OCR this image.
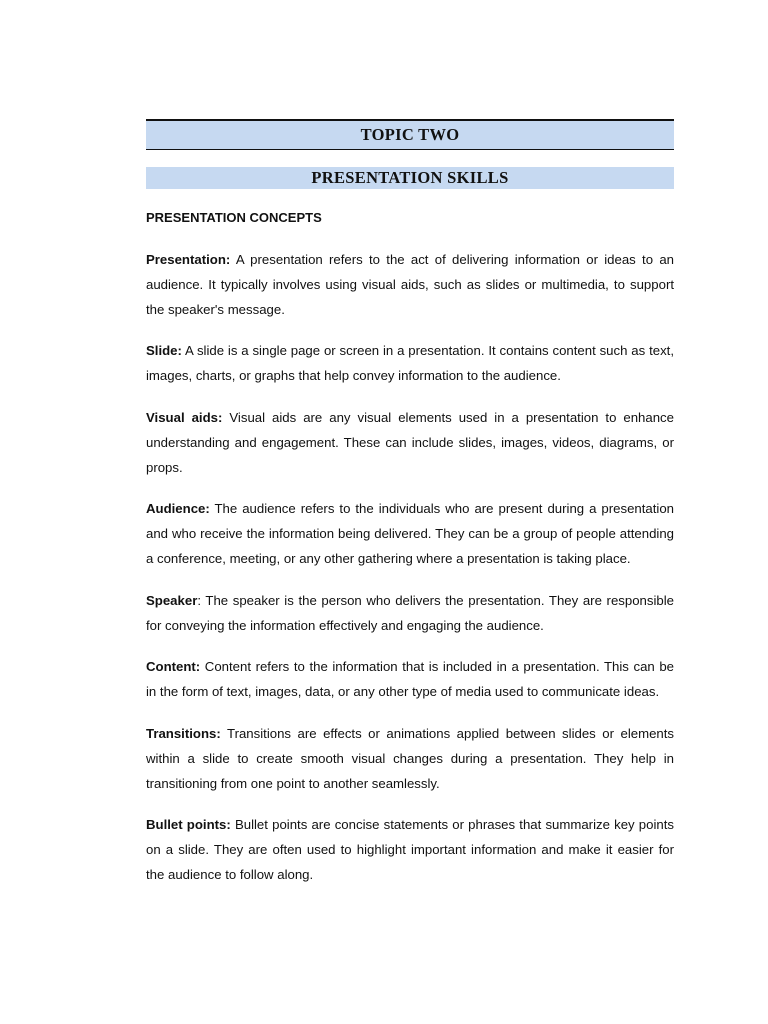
TOPIC TWO
PRESENTATION SKILLS
PRESENTATION CONCEPTS

Presentation: A presentation refers to the act of delivering information or ideas to an audience. It typically involves using visual aids, such as slides or multimedia, to support the speaker's message.

Slide: A slide is a single page or screen in a presentation. It contains content such as text, images, charts, or graphs that help convey information to the audience.

Visual aids: Visual aids are any visual elements used in a presentation to enhance understanding and engagement. These can include slides, images, videos, diagrams, or props.

Audience: The audience refers to the individuals who are present during a presentation and who receive the information being delivered. They can be a group of people attending a conference, meeting, or any other gathering where a presentation is taking place.

Speaker: The speaker is the person who delivers the presentation. They are responsible for conveying the information effectively and engaging the audience.

Content: Content refers to the information that is included in a presentation. This can be in the form of text, images, data, or any other type of media used to communicate ideas.

Transitions: Transitions are effects or animations applied between slides or elements within a slide to create smooth visual changes during a presentation. They help in transitioning from one point to another seamlessly.

Bullet points: Bullet points are concise statements or phrases that summarize key points on a slide. They are often used to highlight important information and make it easier for the audience to follow along.
